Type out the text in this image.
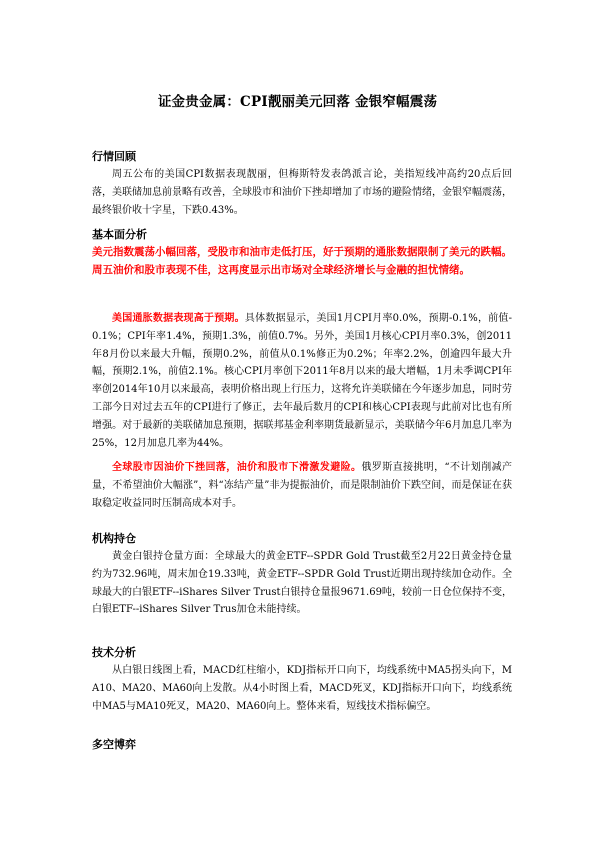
证金贵金属：CPI靓丽美元回落 金银窄幅震荡
行情回顾

周五公布的美国CPI数据表现靓丽，但梅斯特发表鸽派言论，美指短线冲高约20点后回落，美联储加息前景略有改善，全球股市和油价下挫却增加了市场的避险情绪，金银窄幅震荡，最终银价收十字星，下跌0.43%。

基本面分析

美元指数震荡小幅回落，受股市和油市走低打压，好于预期的通胀数据限制了美元的跌幅。周五油价和股市表现不佳，这再度显示出市场对全球经济增长与金融的担忧情绪。

美国通胀数据表现高于预期。具体数据显示，美国1月CPI月率0.0%，预期-0.1%，前值-0.1%；CPI年率1.4%，预期1.3%，前值0.7%。另外，美国1月核心CPI月率0.3%，创2011年8月份以来最大升幅，预期0.2%，前值从0.1%修正为0.2%；年率2.2%，创逾四年最大升幅，预期2.1%，前值2.1%。核心CPI月率创下2011年8月以来的最大增幅，1月未季调CPI年率创2014年10月以来最高，表明价格出现上行压力，这将允许美联储在今年逐步加息，同时劳工部今日对过去五年的CPI进行了修正，去年最后数月的CPI和核心CPI表现与此前对比也有所增强。对于最新的美联储加息预期，据联邦基金利率期货最新显示，美联储今年6月加息几率为25%，12月加息几率为44%。

全球股市因油价下挫回落，油价和股市下滑激发避险。俄罗斯直接挑明，“不计划削减产量，不希望油价大幅涨”，料“冻结产量”非为提振油价，而是限制油价下跌空间，而是保证在获取稳定收益同时压制高成本对手。

机构持仓

黄金白银持仓量方面：全球最大的黄金ETF--SPDR Gold Trust截至2月22日黄金持仓量约为732.96吨，周末加仓19.33吨，黄金ETF--SPDR Gold Trust近期出现持续加仓动作。全球最大的白银ETF--iShares Silver Trust白银持仓量报9671.69吨，较前一日仓位保持不变，白银ETF--iShares Silver Trus加仓未能持续。

技术分析

从白银日线图上看，MACD红柱缩小，KDJ指标开口向下，均线系统中MA5拐头向下，MA10、MA20、MA60向上发散。从4小时图上看，MACD死叉，KDJ指标开口向下，均线系统中MA5与MA10死叉，MA20、MA60向上。整体来看，短线技术指标偏空。

多空博弈
